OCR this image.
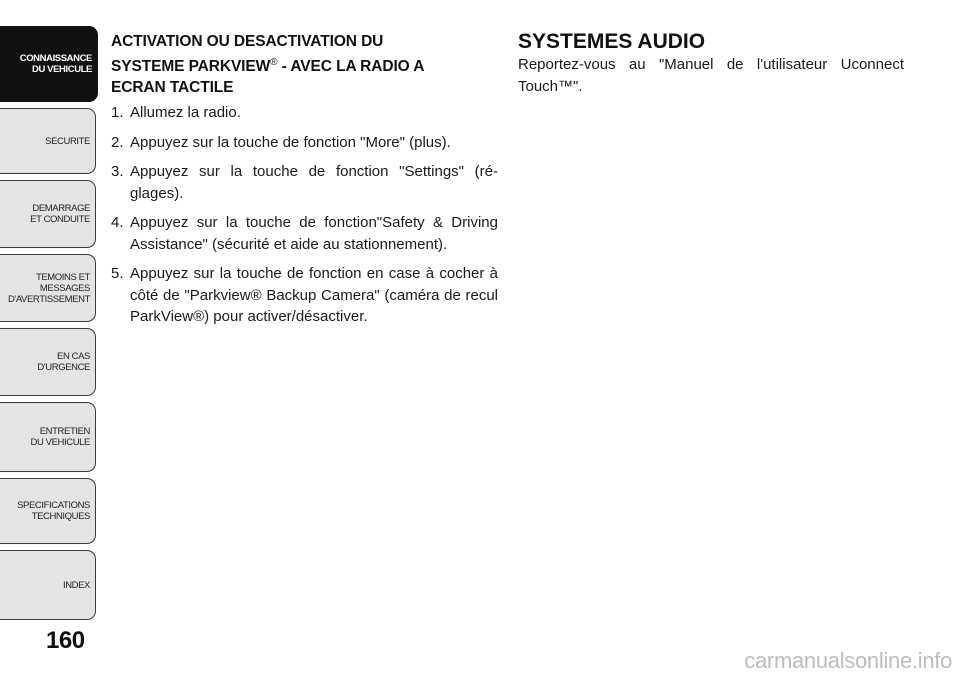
CONNAISSANCE
DU VEHICULE
SECURITE
DEMARRAGE
ET CONDUITE
TEMOINS ET
MESSAGES
D'AVERTISSEMENT
EN CAS
D'URGENCE
ENTRETIEN
DU VEHICULE
SPECIFICATIONS
TECHNIQUES
INDEX
160
ACTIVATION OU DESACTIVATION DU
SYSTEME PARKVIEW® - AVEC LA RADIO A
ECRAN TACTILE
1. Allumez la radio.
2. Appuyez sur la touche de fonction "More" (plus).
3. Appuyez sur la touche de fonction "Settings" (ré-glages).
4. Appuyez sur la touche de fonction"Safety & Driving Assistance" (sécurité et aide au stationnement).
5. Appuyez sur la touche de fonction en case à cocher à côté de "Parkview® Backup Camera" (caméra de recul ParkView®) pour activer/désactiver.
SYSTEMES AUDIO

Reportez-vous au "Manuel de l'utilisateur Uconnect Touch™".

carmanualsonline.info
